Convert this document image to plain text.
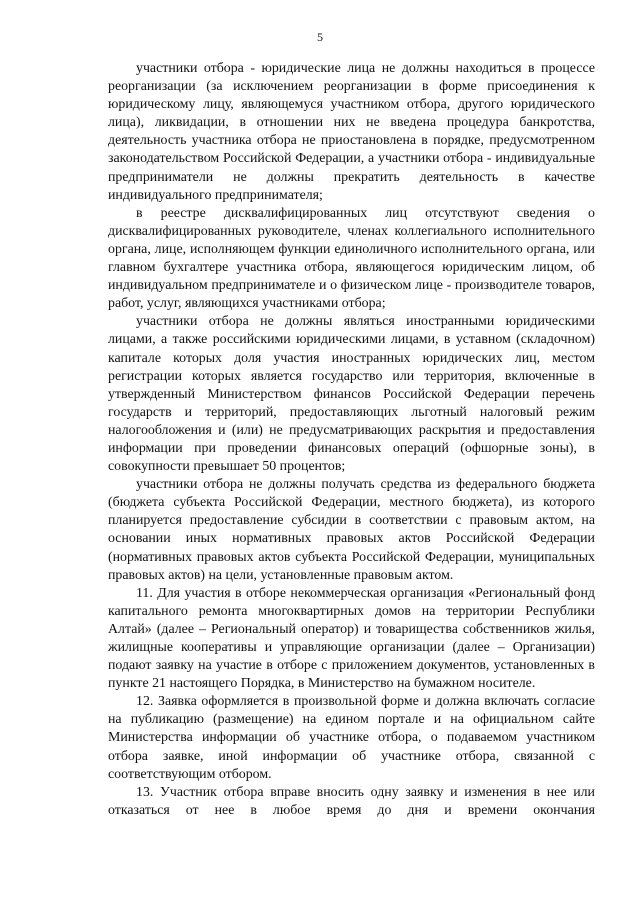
5

участники отбора - юридические лица не должны находиться в процессе реорганизации (за исключением реорганизации в форме присоединения к юридическому лицу, являющемуся участником отбора, другого юридического лица), ликвидации, в отношении них не введена процедура банкротства, деятельность участника отбора не приостановлена в порядке, предусмотренном законодательством Российской Федерации, а участники отбора - индивидуальные предприниматели не должны прекратить деятельность в качестве индивидуального предпринимателя;

в реестре дисквалифицированных лиц отсутствуют сведения о дисквалифицированных руководителе, членах коллегиального исполнительного органа, лице, исполняющем функции единоличного исполнительного органа, или главном бухгалтере участника отбора, являющегося юридическим лицом, об индивидуальном предпринимателе и о физическом лице - производителе товаров, работ, услуг, являющихся участниками отбора;

участники отбора не должны являться иностранными юридическими лицами, а также российскими юридическими лицами, в уставном (складочном) капитале которых доля участия иностранных юридических лиц, местом регистрации которых является государство или территория, включенные в утвержденный Министерством финансов Российской Федерации перечень государств и территорий, предоставляющих льготный налоговый режим налогообложения и (или) не предусматривающих раскрытия и предоставления информации при проведении финансовых операций (офшорные зоны), в совокупности превышает 50 процентов;

участники отбора не должны получать средства из федерального бюджета (бюджета субъекта Российской Федерации, местного бюджета), из которого планируется предоставление субсидии в соответствии с правовым актом, на основании иных нормативных правовых актов Российской Федерации (нормативных правовых актов субъекта Российской Федерации, муниципальных правовых актов) на цели, установленные правовым актом.

11. Для участия в отборе некоммерческая организация «Региональный фонд капитального ремонта многоквартирных домов на территории Республики Алтай» (далее – Региональный оператор) и товарищества собственников жилья, жилищные кооперативы и управляющие организации (далее – Организации) подают заявку на участие в отборе с приложением документов, установленных в пункте 21 настоящего Порядка, в Министерство на бумажном носителе.

12. Заявка оформляется в произвольной форме и должна включать согласие на публикацию (размещение) на едином портале и на официальном сайте Министерства информации об участнике отбора, о подаваемом участником отбора заявке, иной информации об участнике отбора, связанной с соответствующим отбором.

13. Участник отбора вправе вносить одну заявку и изменения в нее или отказаться от нее в любое время до дня и времени окончания
